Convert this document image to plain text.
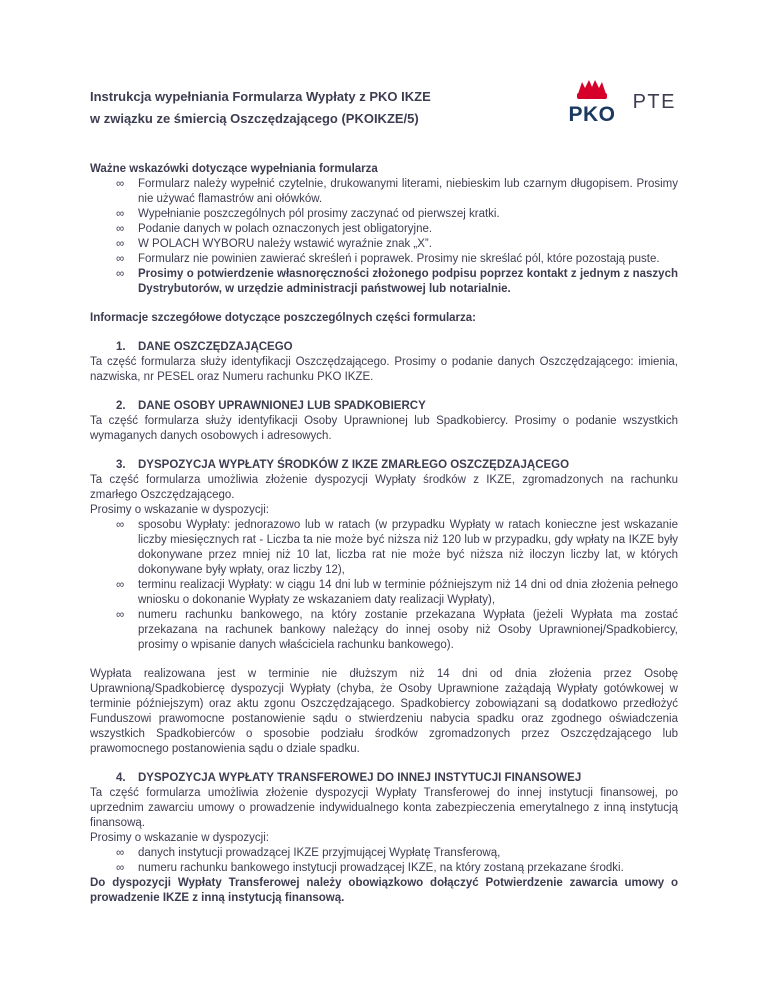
Instrukcja wypełniania Formularza Wypłaty z PKO IKZE
w związku ze śmiercią Oszczędzającego (PKOIKZE/5)	PKO
PTE

Ważne wskazówki dotyczące wypełniania formularza

∞	Formularz należy wypełnić czytelnie, drukowanymi literami, niebieskim lub czarnym długopisem. Prosimy nie używać flamastrów ani ołówków.
∞	Wypełnianie poszczególnych pól prosimy zaczynać od pierwszej kratki.
∞	Podanie danych w polach oznaczonych jest obligatoryjne.
∞	W POLACH WYBORU należy wstawić wyraźnie znak „X”.
∞	Formularz nie powinien zawierać skreśleń i poprawek. Prosimy nie skreślać pól, które pozostają puste.
∞	Prosimy o potwierdzenie własnoręczności złożonego podpisu poprzez kontakt z jednym z naszych Dystrybutorów, w urzędzie administracji państwowej lub notarialnie.

Informacje szczegółowe dotyczące poszczególnych części formularza:

1.	DANE OSZCZĘDZAJĄCEGO

Ta część formularza służy identyfikacji Oszczędzającego. Prosimy o podanie danych Oszczędzającego: imienia, nazwiska, nr PESEL oraz Numeru rachunku PKO IKZE.

2.	DANE OSOBY UPRAWNIONEJ LUB SPADKOBIERCY

Ta część formularza służy identyfikacji Osoby Uprawnionej lub Spadkobiercy. Prosimy o podanie wszystkich wymaganych danych osobowych i adresowych.

3.	DYSPOZYCJA WYPŁATY ŚRODKÓW Z IKZE ZMARŁEGO OSZCZĘDZAJĄCEGO

Ta część formularza umożliwia złożenie dyspozycji Wypłaty środków z IKZE, zgromadzonych na rachunku zmarłego Oszczędzającego.

Prosimy o wskazanie w dyspozycji:

∞	sposobu Wypłaty: jednorazowo lub w ratach (w przypadku Wypłaty w ratach konieczne jest wskazanie liczby miesięcznych rat - Liczba ta nie może być niższa niż 120 lub w przypadku, gdy wpłaty na IKZE były dokonywane przez mniej niż 10 lat, liczba rat nie może być niższa niż iloczyn liczby lat, w których dokonywane były wpłaty, oraz liczby 12),
∞	terminu realizacji Wypłaty: w ciągu 14 dni lub w terminie późniejszym niż 14 dni od dnia złożenia pełnego wniosku o dokonanie Wypłaty ze wskazaniem daty realizacji Wypłaty),
∞	numeru rachunku bankowego, na który zostanie przekazana Wypłata (jeżeli Wypłata ma zostać przekazana na rachunek bankowy należący do innej osoby niż Osoby Uprawnionej/Spadkobiercy, prosimy o wpisanie danych właściciela rachunku bankowego).

Wypłata realizowana jest w terminie nie dłuższym niż 14 dni od dnia złożenia przez Osobę Uprawnioną/Spadkobiercę dyspozycji Wypłaty (chyba, że Osoby Uprawnione zażądają Wypłaty gotówkowej w terminie późniejszym) oraz aktu zgonu Oszczędzającego. Spadkobiercy zobowiązani są dodatkowo przedłożyć Funduszowi prawomocne postanowienie sądu o stwierdzeniu nabycia spadku oraz zgodnego oświadczenia wszystkich Spadkobierców o sposobie podziału środków zgromadzonych przez Oszczędzającego lub prawomocnego postanowienia sądu o dziale spadku.

4.	DYSPOZYCJA WYPŁATY TRANSFEROWEJ DO INNEJ INSTYTUCJI FINANSOWEJ

Ta część formularza umożliwia złożenie dyspozycji Wypłaty Transferowej do innej instytucji finansowej, po uprzednim zawarciu umowy o prowadzenie indywidualnego konta zabezpieczenia emerytalnego z inną instytucją finansową.

Prosimy o wskazanie w dyspozycji:

∞	danych instytucji prowadzącej IKZE przyjmującej Wypłatę Transferową,
∞	numeru rachunku bankowego instytucji prowadzącej IKZE, na który zostaną przekazane środki.

Do dyspozycji Wypłaty Transferowej należy obowiązkowo dołączyć Potwierdzenie zawarcia umowy o prowadzenie IKZE z inną instytucją finansową.
